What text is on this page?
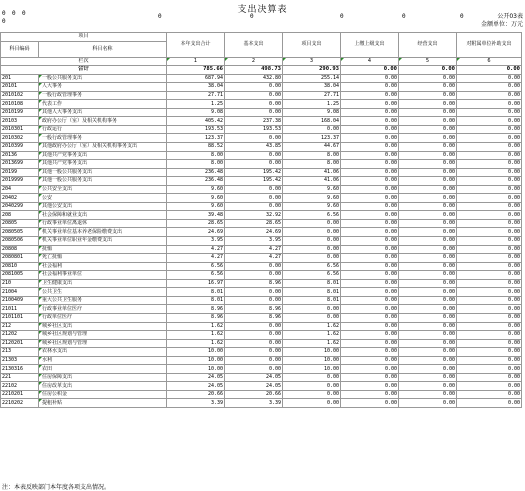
支出决算表
公开03表
金额单位：万元
0 0 0
0
0	0	0	0	0
项目		本年支出合计	基本支出	项目支出	上缴上级支出	经营支出	对附属单位补助支出
科目编码	科目名称						

栏次		1	2	3	4	5	6
合计		785.66	498.73	290.93	0.00	0.00	0.00
201	一般公共服务支出	687.94	432.80	255.14	0.00	0.00	0.00
20101	人大事务	38.04	0.00	38.04	0.00	0.00	0.00
2010102	一般行政管理事务	27.71	0.00	27.71	0.00	0.00	0.00
2010108	代表工作	1.25	0.00	1.25	0.00	0.00	0.00
2010199	其他人大事务支出	9.08	0.00	9.08	0.00	0.00	0.00
20103	政府办公厅（室）及相关机构事务	405.42	237.38	168.04	0.00	0.00	0.00
2010301	行政运行	193.53	193.53	0.00	0.00	0.00	0.00
2010302	一般行政管理事务	123.37	0.00	123.37	0.00	0.00	0.00
2010399	其他政府办公厅（室）及相关机构事务支出	88.52	43.85	44.67	0.00	0.00	0.00
20136	其他共产党事务支出	8.00	0.00	8.00	0.00	0.00	0.00
2013699	其他共产党事务支出	8.00	0.00	8.00	0.00	0.00	0.00
20199	其他一般公共服务支出	236.48	195.42	41.06	0.00	0.00	0.00
2019999	其他一般公共服务支出	236.48	195.42	41.06	0.00	0.00	0.00
204	公共安全支出	9.60	0.00	9.60	0.00	0.00	0.00
20402	公安	9.60	0.00	9.60	0.00	0.00	0.00
2040299	其他公安支出	9.60	0.00	9.60	0.00	0.00	0.00
208	社会保障和就业支出	39.48	32.92	6.56	0.00	0.00	0.00
20805	行政事业单位离退休	28.65	28.65	0.00	0.00	0.00	0.00
2080505	机关事业单位基本养老保险缴费支出	24.69	24.69	0.00	0.00	0.00	0.00
2080506	机关事业单位职业年金缴费支出	3.95	3.95	0.00	0.00	0.00	0.00
20808	抚恤	4.27	4.27	0.00	0.00	0.00	0.00
2080801	死亡抚恤	4.27	4.27	0.00	0.00	0.00	0.00
20810	社会福利	6.56	0.00	6.56	0.00	0.00	0.00
2081005	社会福利事业单位	6.56	0.00	6.56	0.00	0.00	0.00
210	卫生健康支出	16.97	8.96	8.01	0.00	0.00	0.00
21004	公共卫生	8.01	0.00	8.01	0.00	0.00	0.00
2100409	重大公共卫生服务	8.01	0.00	8.01	0.00	0.00	0.00
21011	行政事业单位医疗	8.96	8.96	0.00	0.00	0.00	0.00
2101101	行政单位医疗	8.96	8.96	0.00	0.00	0.00	0.00
212	城乡社区支出	1.62	0.00	1.62	0.00	0.00	0.00
21202	城乡社区规划与管理	1.62	0.00	1.62	0.00	0.00	0.00
2120201	城乡社区规划与管理	1.62	0.00	1.62	0.00	0.00	0.00
213	农林水支出	10.00	0.00	10.00	0.00	0.00	0.00
21303	水利	10.00	0.00	10.00	0.00	0.00	0.00
2130316	农田	10.00	0.00	10.00	0.00	0.00	0.00
221	住房保障支出	24.05	24.05	0.00	0.00	0.00	0.00
22102	住房改革支出	24.05	24.05	0.00	0.00	0.00	0.00
2210201	住房公积金	20.66	20.66	0.00	0.00	0.00	0.00
2210202	提租补贴	3.39	3.39	0.00	0.00	0.00	0.00
注：本表反映部门本年度各项支出情况。
